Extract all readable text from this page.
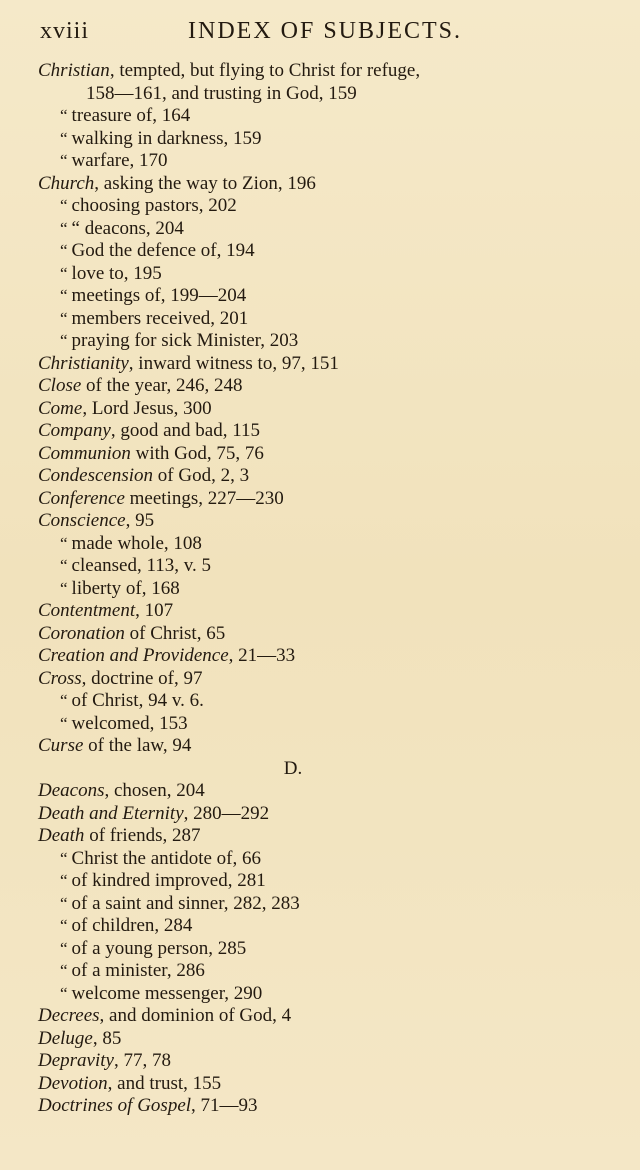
xviii	INDEX OF SUBJECTS.
Christian, tempted, but flying to Christ for refuge,
158—161, and trusting in God, 159
“ treasure of, 164
“ walking in darkness, 159
“ warfare, 170
Church, asking the way to Zion, 196
“ choosing pastors, 202
“ “ deacons, 204
“ God the defence of, 194
“ love to, 195
“ meetings of, 199—204
“ members received, 201
“ praying for sick Minister, 203
Christianity, inward witness to, 97, 151
Close of the year, 246, 248
Come, Lord Jesus, 300
Company, good and bad, 115
Communion with God, 75, 76
Condescension of God, 2, 3
Conference meetings, 227—230
Conscience, 95
“ made whole, 108
“ cleansed, 113, v. 5
“ liberty of, 168
Contentment, 107
Coronation of Christ, 65
Creation and Providence, 21—33
Cross, doctrine of, 97
“ of Christ, 94 v. 6.
“ welcomed, 153
Curse of the law, 94
D.
Deacons, chosen, 204
Death and Eternity, 280—292
Death of friends, 287
“ Christ the antidote of, 66
“ of kindred improved, 281
“ of a saint and sinner, 282, 283
“ of children, 284
“ of a young person, 285
“ of a minister, 286
“ welcome messenger, 290
Decrees, and dominion of God, 4
Deluge, 85
Depravity, 77, 78
Devotion, and trust, 155
Doctrines of Gospel, 71—93
